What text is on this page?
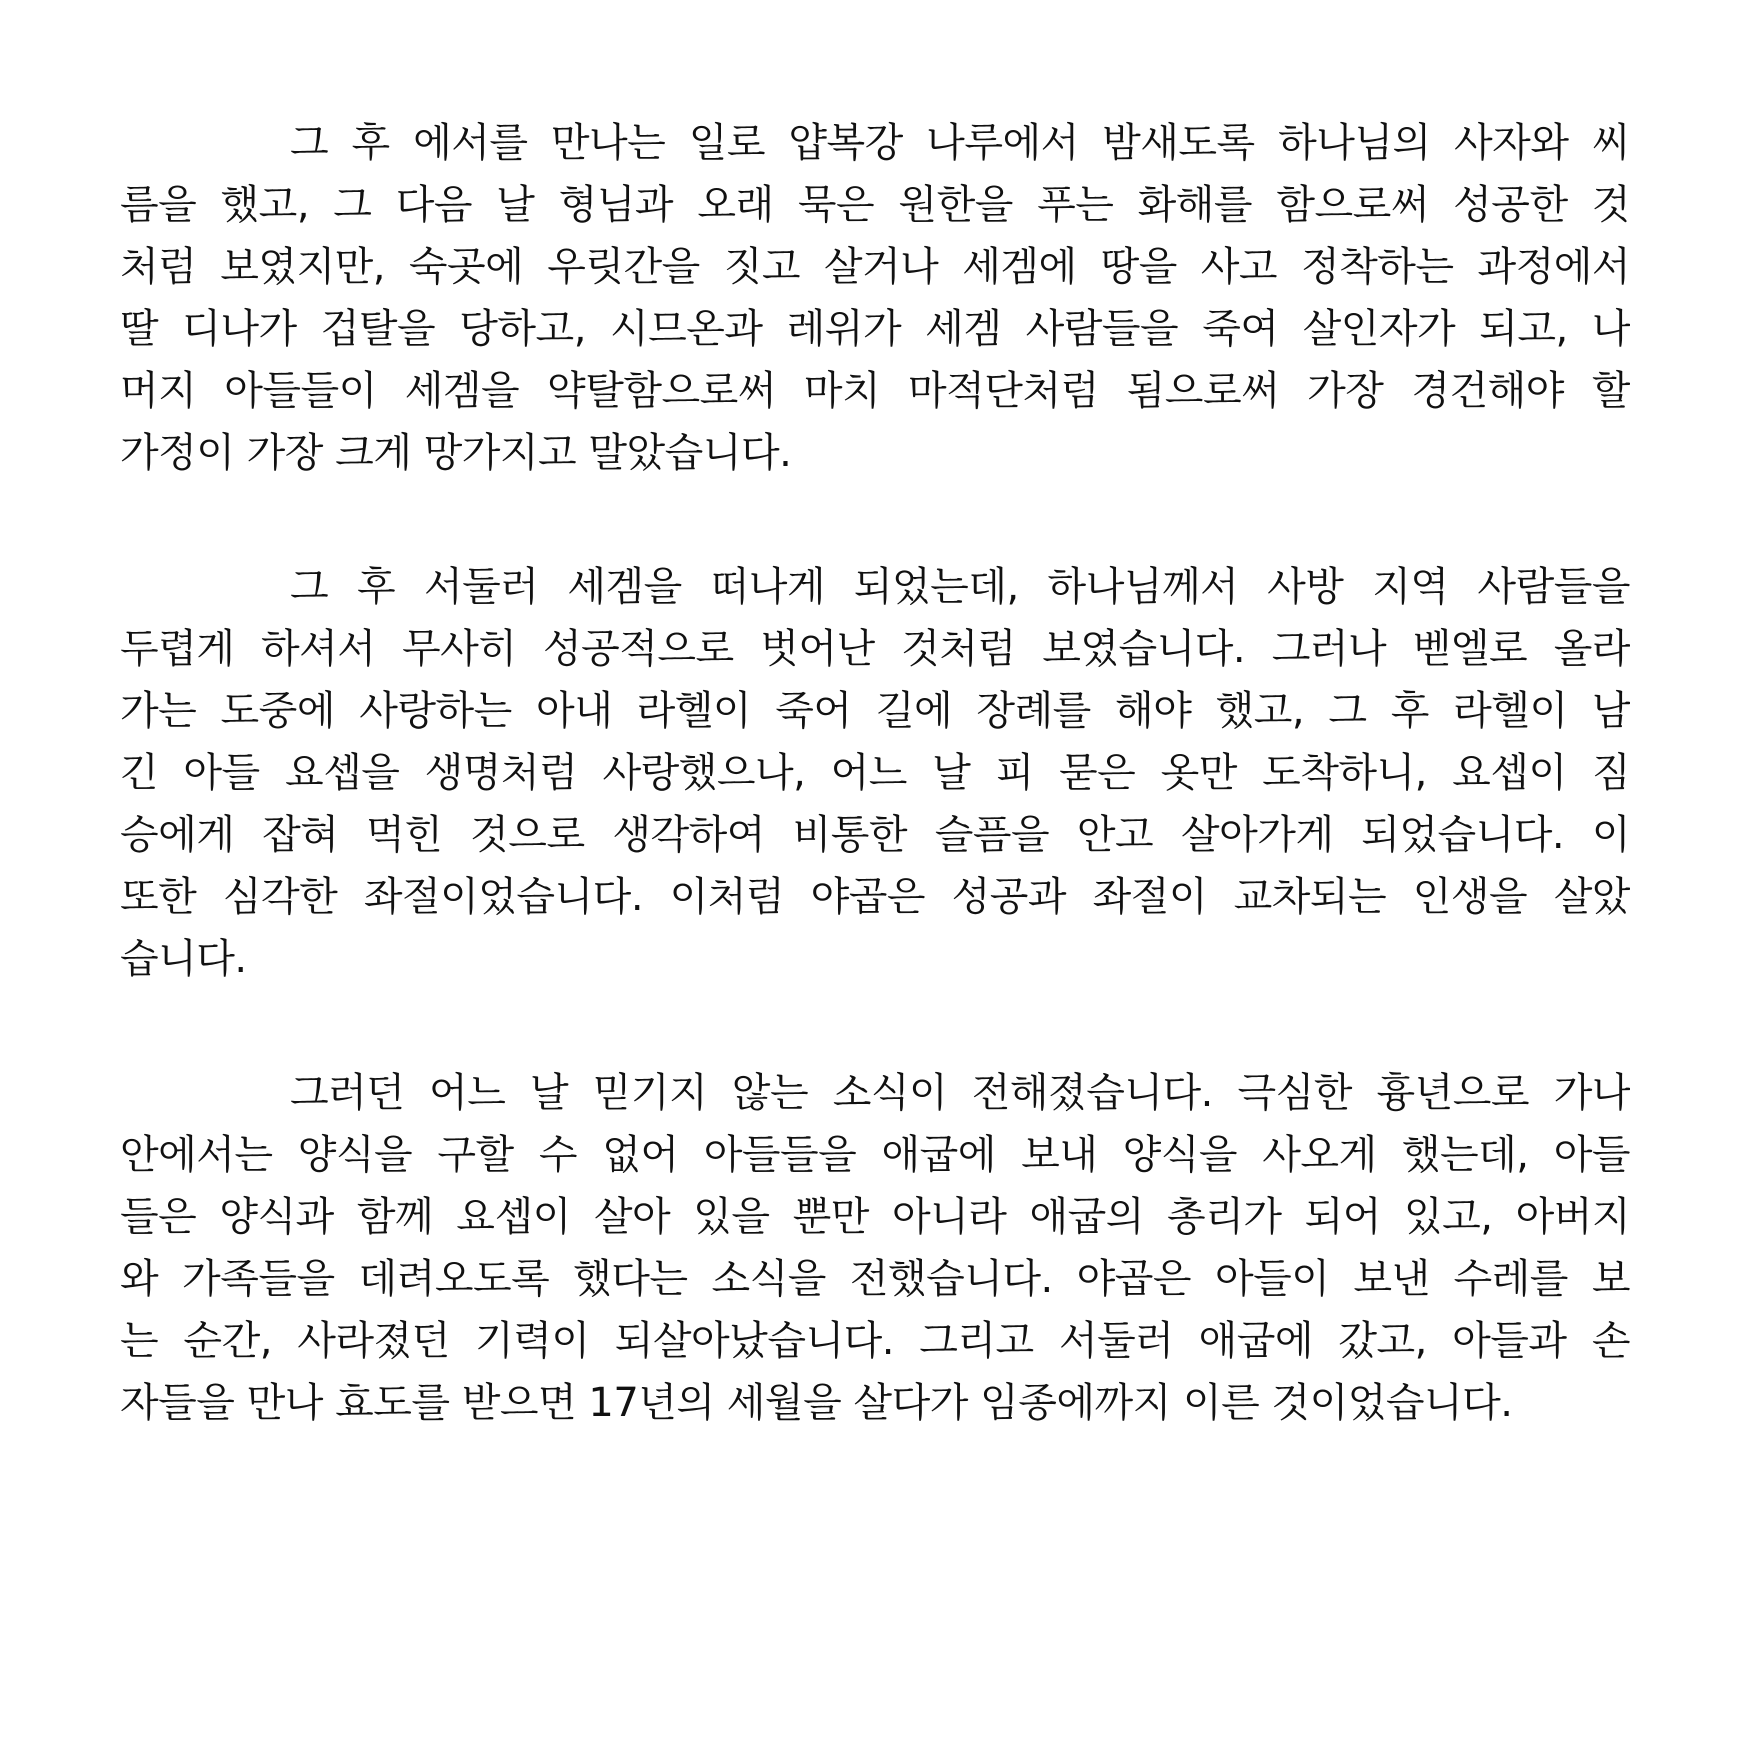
그 후 에서를 만나는 일로 얍복강 나루에서 밤새도록 하나님의 사자와 씨
름을 했고, 그 다음 날 형님과 오래 묵은 원한을 푸는 화해를 함으로써 성공한 것
처럼 보였지만, 숙곳에 우릿간을 짓고 살거나 세겜에 땅을 사고 정착하는 과정에서
딸 디나가 겁탈을 당하고, 시므온과 레위가 세겜 사람들을 죽여 살인자가 되고, 나
머지 아들들이 세겜을 약탈함으로써 마치 마적단처럼 됨으로써 가장 경건해야 할
가정이 가장 크게 망가지고 말았습니다.
그 후 서둘러 세겜을 떠나게 되었는데, 하나님께서 사방 지역 사람들을
두렵게 하셔서 무사히 성공적으로 벗어난 것처럼 보였습니다. 그러나 벧엘로 올라
가는 도중에 사랑하는 아내 라헬이 죽어 길에 장례를 해야 했고, 그 후 라헬이 남
긴 아들 요셉을 생명처럼 사랑했으나, 어느 날 피 묻은 옷만 도착하니, 요셉이 짐
승에게 잡혀 먹힌 것으로 생각하여 비통한 슬픔을 안고 살아가게 되었습니다. 이
또한 심각한 좌절이었습니다. 이처럼 야곱은 성공과 좌절이 교차되는 인생을 살았
습니다.
그러던 어느 날 믿기지 않는 소식이 전해졌습니다. 극심한 흉년으로 가나
안에서는 양식을 구할 수 없어 아들들을 애굽에 보내 양식을 사오게 했는데, 아들
들은 양식과 함께 요셉이 살아 있을 뿐만 아니라 애굽의 총리가 되어 있고, 아버지
와 가족들을 데려오도록 했다는 소식을 전했습니다. 야곱은 아들이 보낸 수레를 보
는 순간, 사라졌던 기력이 되살아났습니다. 그리고 서둘러 애굽에 갔고, 아들과 손
자들을 만나 효도를 받으면 17년의 세월을 살다가 임종에까지 이른 것이었습니다.
